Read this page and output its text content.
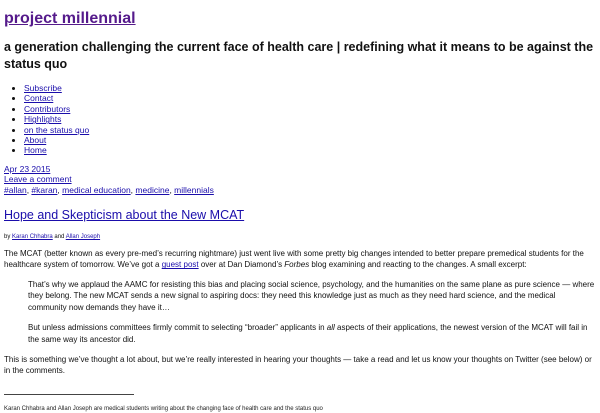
project millennial
a generation challenging the current face of health care | redefining what it means to be against the status quo
• Subscribe
• Contact
• Contributors
• Highlights
• on the status quo
• About
• Home
Apr 23 2015
Leave a comment
#allan, #karan, medical education, medicine, millennials
Hope and Skepticism about the New MCAT
by Karan Chhabra and Allan Joseph

The MCAT (better known as every pre-med’s recurring nightmare) just went live with some pretty big changes intended to better prepare premedical students for the healthcare system of tomorrow. We’ve got a guest post over at Dan Diamond’s Forbes blog examining and reacting to the changes. A small excerpt:

That’s why we applaud the AAMC for resisting this bias and placing social science, psychology, and the humanities on the same plane as pure science — where they belong. The new MCAT sends a new signal to aspiring docs: they need this knowledge just as much as they need hard science, and the medical community now demands they have it…

But unless admissions committees firmly commit to selecting “broader” applicants in all aspects of their applications, the newest version of the MCAT will fail in the same way its ancestor did.

This is something we’ve thought a lot about, but we’re really interested in hearing your thoughts — take a read and let us know your thoughts on Twitter (see below) or in the comments.

Karan Chhabra and Allan Joseph are medical students writing about the changing face of health care and the status quo
